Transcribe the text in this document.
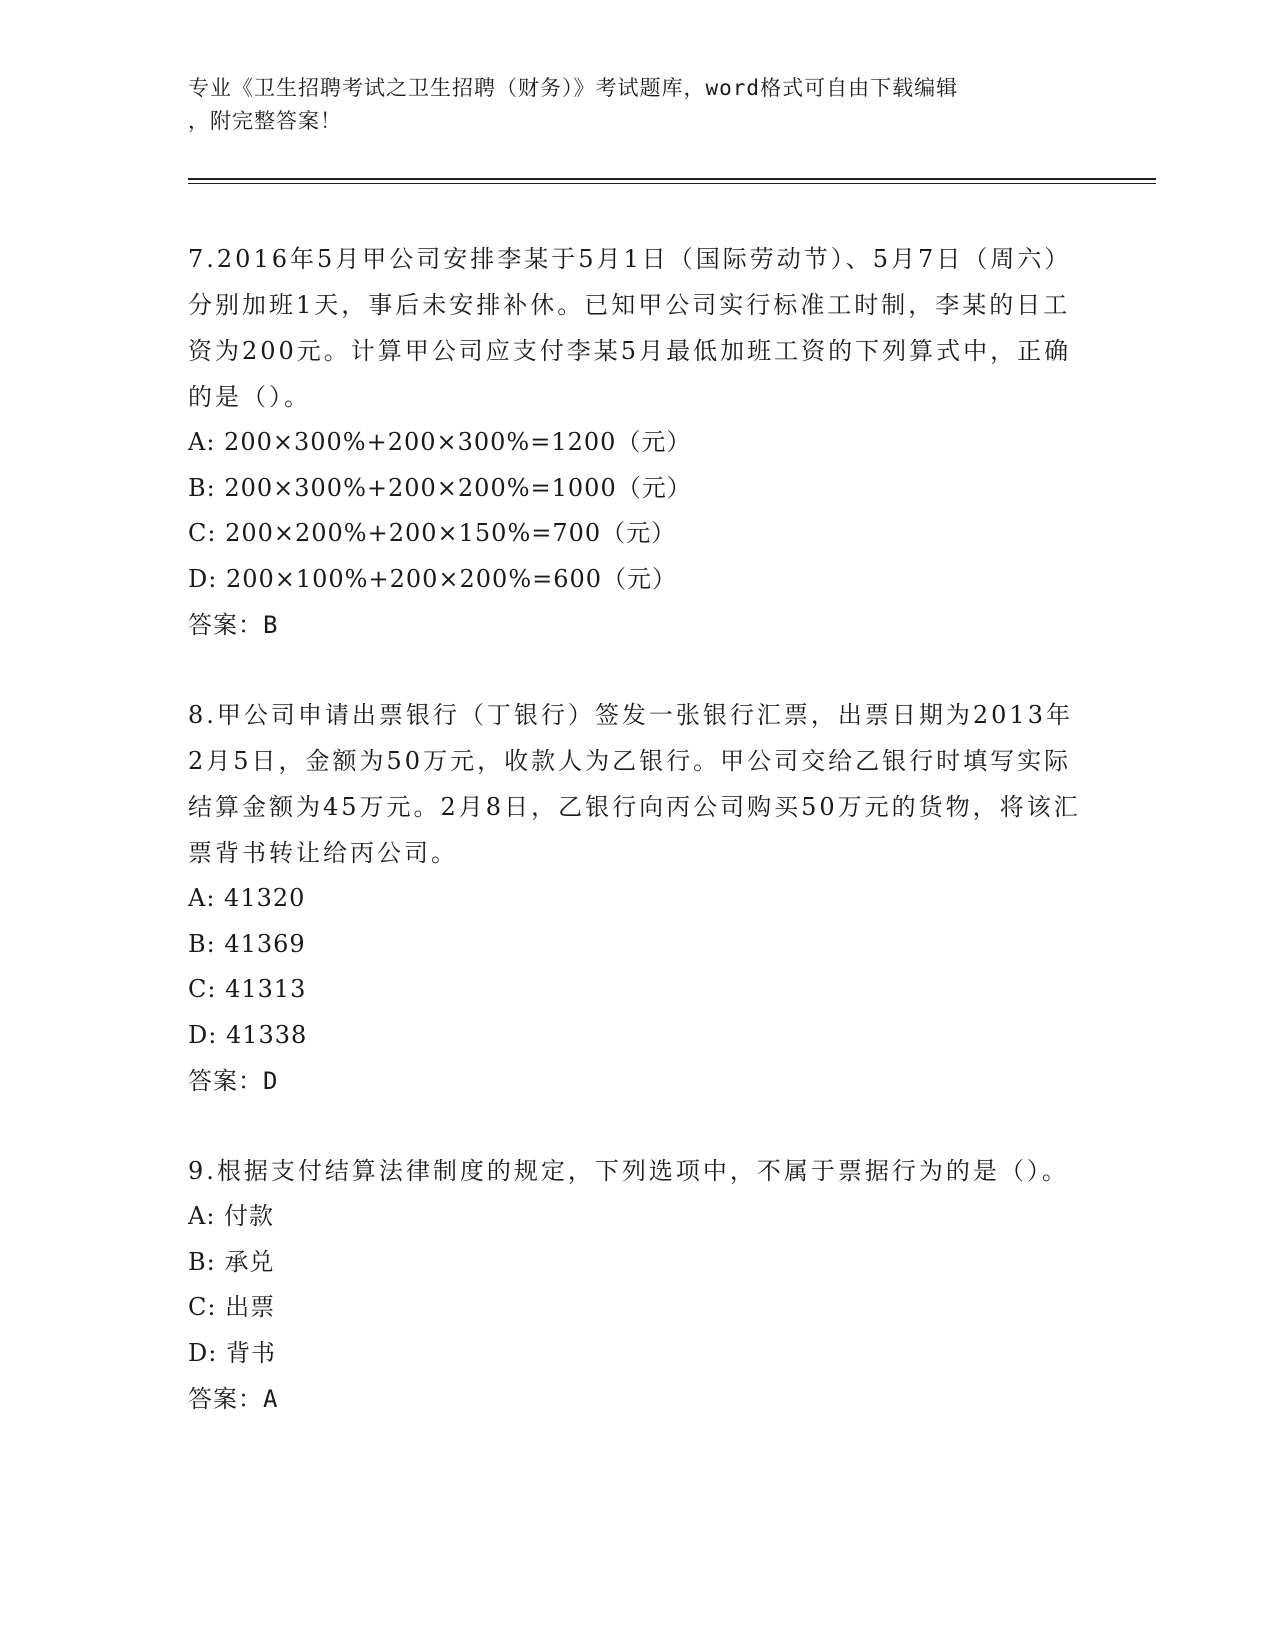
专业《卫生招聘考试之卫生招聘（财务）》考试题库，word格式可自由下载编辑
，附完整答案！

7.2016年5月甲公司安排李某于5月1日（国际劳动节）、5月7日（周六）分别加班1天，事后未安排补休。已知甲公司实行标准工时制，李某的日工资为200元。计算甲公司应支付李某5月最低加班工资的下列算式中，正确的是（）。

A: 200×300%+200×300%=1200（元）

B: 200×300%+200×200%=1000（元）

C: 200×200%+200×150%=700（元）

D: 200×100%+200×200%=600（元）

答案：B

8.甲公司申请出票银行（丁银行）签发一张银行汇票，出票日期为2013年2月5日，金额为50万元，收款人为乙银行。甲公司交给乙银行时填写实际结算金额为45万元。2月8日，乙银行向丙公司购买50万元的货物，将该汇票背书转让给丙公司。

A: 41320

B: 41369

C: 41313

D: 41338

答案：D

9.根据支付结算法律制度的规定，下列选项中，不属于票据行为的是（）。

A: 付款

B: 承兑

C: 出票

D: 背书

答案：A
